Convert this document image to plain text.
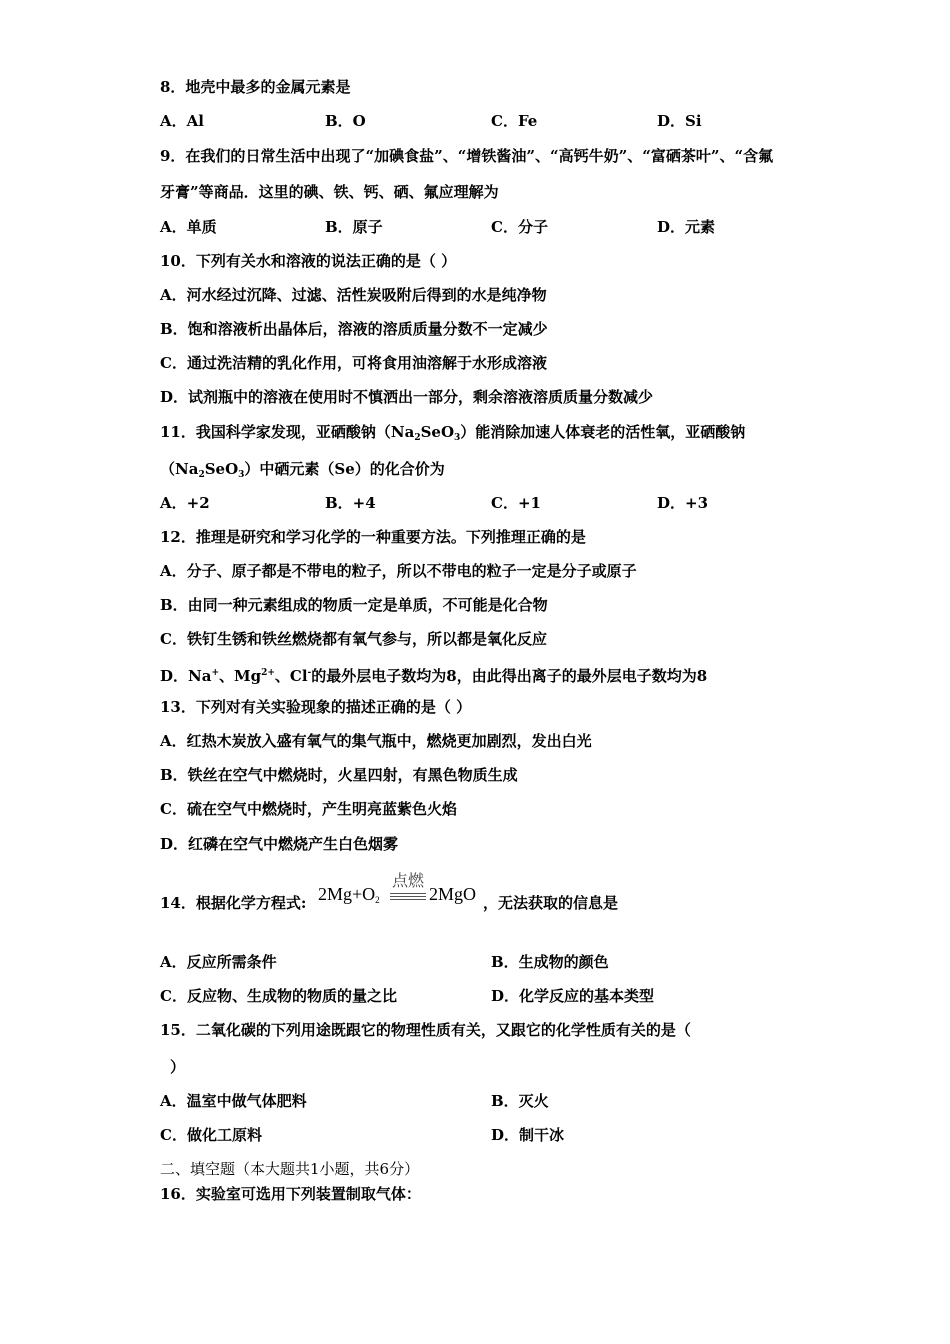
8．地壳中最多的金属元素是
A．Al	B．O	C．Fe	D．Si
9．在我们的日常生活中出现了“加碘食盐”、“增铁酱油”、“高钙牛奶”、“富硒茶叶”、“含氟
牙膏”等商品．这里的碘、铁、钙、硒、氟应理解为
A．单质	B．原子	C．分子	D．元素
10．下列有关水和溶液的说法正确的是（ ）
A．河水经过沉降、过滤、活性炭吸附后得到的水是纯净物
B．饱和溶液析出晶体后，溶液的溶质质量分数不一定减少
C．通过洗洁精的乳化作用，可将食用油溶解于水形成溶液
D．试剂瓶中的溶液在使用时不慎洒出一部分，剩余溶液溶质质量分数减少
11．我国科学家发现，亚硒酸钠$(Na_2SeO_3)$能消除加速人体衰老的活性氧，亚硒酸钠
$(Na_2SeO_3)$中硒元素（Se）的化合价为
A．+2	B．+4	C．+1	D．+3
12．推理是研究和学习化学的一种重要方法。下列推理正确的是
A．分子、原子都是不带电的粒子，所以不带电的粒子一定是分子或原子
B．由同一种元素组成的物质一定是单质，不可能是化合物
C．铁钉生锈和铁丝燃烧都有氧气参与，所以都是氧化反应
D．Na+、$Mg^{2+}$、Cl-的最外层电子数均为8，由此得出离子的最外层电子数均为8
13．下列对有关实验现象的描述正确的是（ ）
A．红热木炭放入盛有氧气的集气瓶中，燃烧更加剧烈，发出白光
B．铁丝在空气中燃烧时，火星四射，有黑色物质生成
C．硫在空气中燃烧时，产生明亮蓝紫色火焰
D．红磷在空气中燃烧产生白色烟雾
14．根据化学方程式: $2Mg+O_2$
点燃
2MgO ，无法获取的信息是
A．反应所需条件	B．生成物的颜色
C．反应物、生成物的物质的量之比	D．化学反应的基本类型
15．二氧化碳的下列用途既跟它的物理性质有关，又跟它的化学性质有关的是（
）
A．温室中做气体肥料	B．灭火
C．做化工原料	D．制干冰
二、填空题（本大题共1小题，共6分）
16．实验室可选用下列装置制取气体：
